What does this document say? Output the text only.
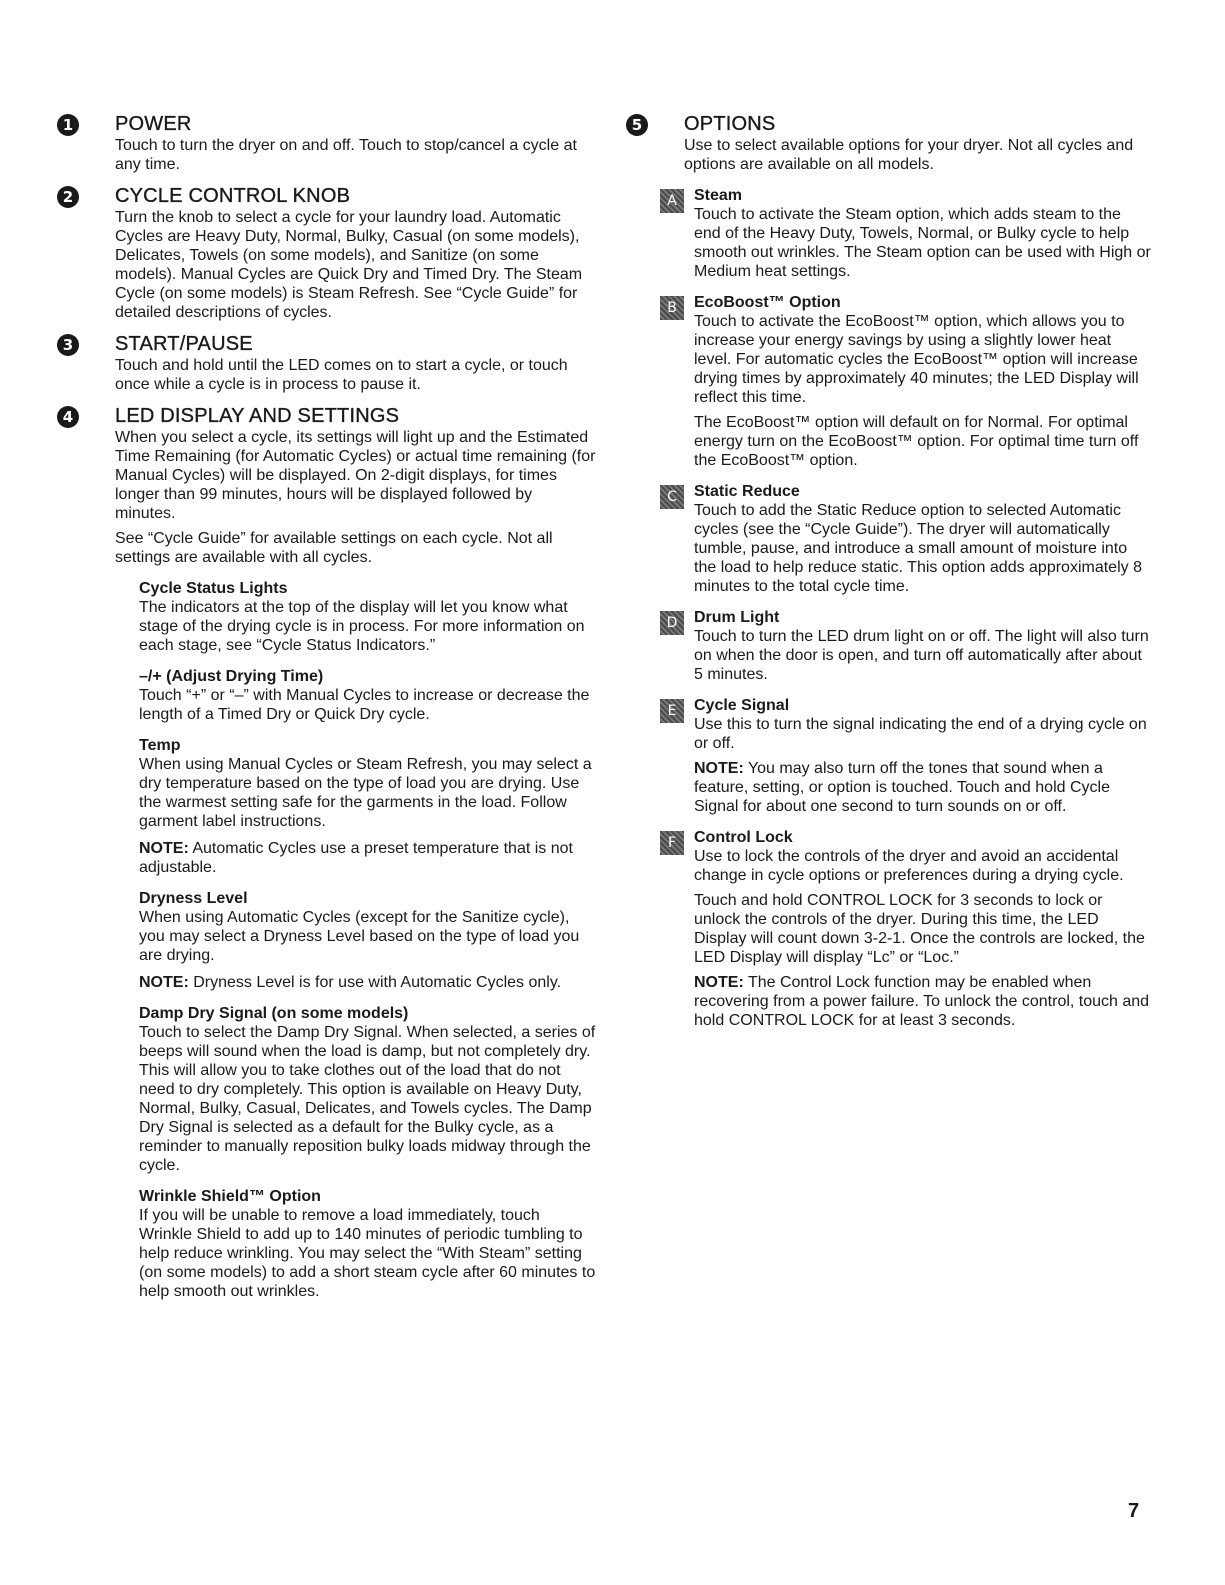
1 POWER

Touch to turn the dryer on and off. Touch to stop/cancel a cycle at any time.

2 CYCLE CONTROL KNOB

Turn the knob to select a cycle for your laundry load. Automatic Cycles are Heavy Duty, Normal, Bulky, Casual (on some models), Delicates, Towels (on some models), and Sanitize (on some models). Manual Cycles are Quick Dry and Timed Dry. The Steam Cycle (on some models) is Steam Refresh. See “Cycle Guide” for detailed descriptions of cycles.

3 START/PAUSE

Touch and hold until the LED comes on to start a cycle, or touch once while a cycle is in process to pause it.

4 LED DISPLAY AND SETTINGS

When you select a cycle, its settings will light up and the Estimated Time Remaining (for Automatic Cycles) or actual time remaining (for Manual Cycles) will be displayed. On 2-digit displays, for times longer than 99 minutes, hours will be displayed followed by minutes.

See “Cycle Guide” for available settings on each cycle. Not all settings are available with all cycles.

Cycle Status Lights

The indicators at the top of the display will let you know what stage of the drying cycle is in process. For more information on each stage, see “Cycle Status Indicators.”

–/+ (Adjust Drying Time)

Touch “+” or “–” with Manual Cycles to increase or decrease the length of a Timed Dry or Quick Dry cycle.

Temp

When using Manual Cycles or Steam Refresh, you may select a dry temperature based on the type of load you are drying. Use the warmest setting safe for the garments in the load. Follow garment label instructions.

NOTE: Automatic Cycles use a preset temperature that is not adjustable.

Dryness Level

When using Automatic Cycles (except for the Sanitize cycle), you may select a Dryness Level based on the type of load you are drying.

NOTE: Dryness Level is for use with Automatic Cycles only.

Damp Dry Signal (on some models)

Touch to select the Damp Dry Signal. When selected, a series of beeps will sound when the load is damp, but not completely dry. This will allow you to take clothes out of the load that do not need to dry completely. This option is available on Heavy Duty, Normal, Bulky, Casual, Delicates, and Towels cycles. The Damp Dry Signal is selected as a default for the Bulky cycle, as a reminder to manually reposition bulky loads midway through the cycle.

Wrinkle Shield™ Option

If you will be unable to remove a load immediately, touch Wrinkle Shield to add up to 140 minutes of periodic tumbling to help reduce wrinkling. You may select the “With Steam” setting (on some models) to add a short steam cycle after 60 minutes to help smooth out wrinkles.

5 OPTIONS

Use to select available options for your dryer. Not all cycles and options are available on all models.

A	Steam

Touch to activate the Steam option, which adds steam to the end of the Heavy Duty, Towels, Normal, or Bulky cycle to help smooth out wrinkles. The Steam option can be used with High or Medium heat settings.

B	EcoBoost™ Option

Touch to activate the EcoBoost™ option, which allows you to increase your energy savings by using a slightly lower heat level. For automatic cycles the EcoBoost™ option will increase drying times by approximately 40 minutes; the LED Display will reflect this time.

The EcoBoost™ option will default on for Normal. For optimal energy turn on the EcoBoost™ option. For optimal time turn off the EcoBoost™ option.

C	Static Reduce

Touch to add the Static Reduce option to selected Automatic cycles (see the “Cycle Guide”). The dryer will automatically tumble, pause, and introduce a small amount of moisture into the load to help reduce static. This option adds approximately 8 minutes to the total cycle time.

D	Drum Light

Touch to turn the LED drum light on or off. The light will also turn on when the door is open, and turn off automatically after about 5 minutes.

E	Cycle Signal

Use this to turn the signal indicating the end of a drying cycle on or off.

NOTE: You may also turn off the tones that sound when a feature, setting, or option is touched. Touch and hold Cycle Signal for about one second to turn sounds on or off.

F	Control Lock

Use to lock the controls of the dryer and avoid an accidental change in cycle options or preferences during a drying cycle.

Touch and hold CONTROL LOCK for 3 seconds to lock or unlock the controls of the dryer. During this time, the LED Display will count down 3-2-1. Once the controls are locked, the LED Display will display “Lc” or “Loc.”

NOTE: The Control Lock function may be enabled when recovering from a power failure. To unlock the control, touch and hold CONTROL LOCK for at least 3 seconds.

7
